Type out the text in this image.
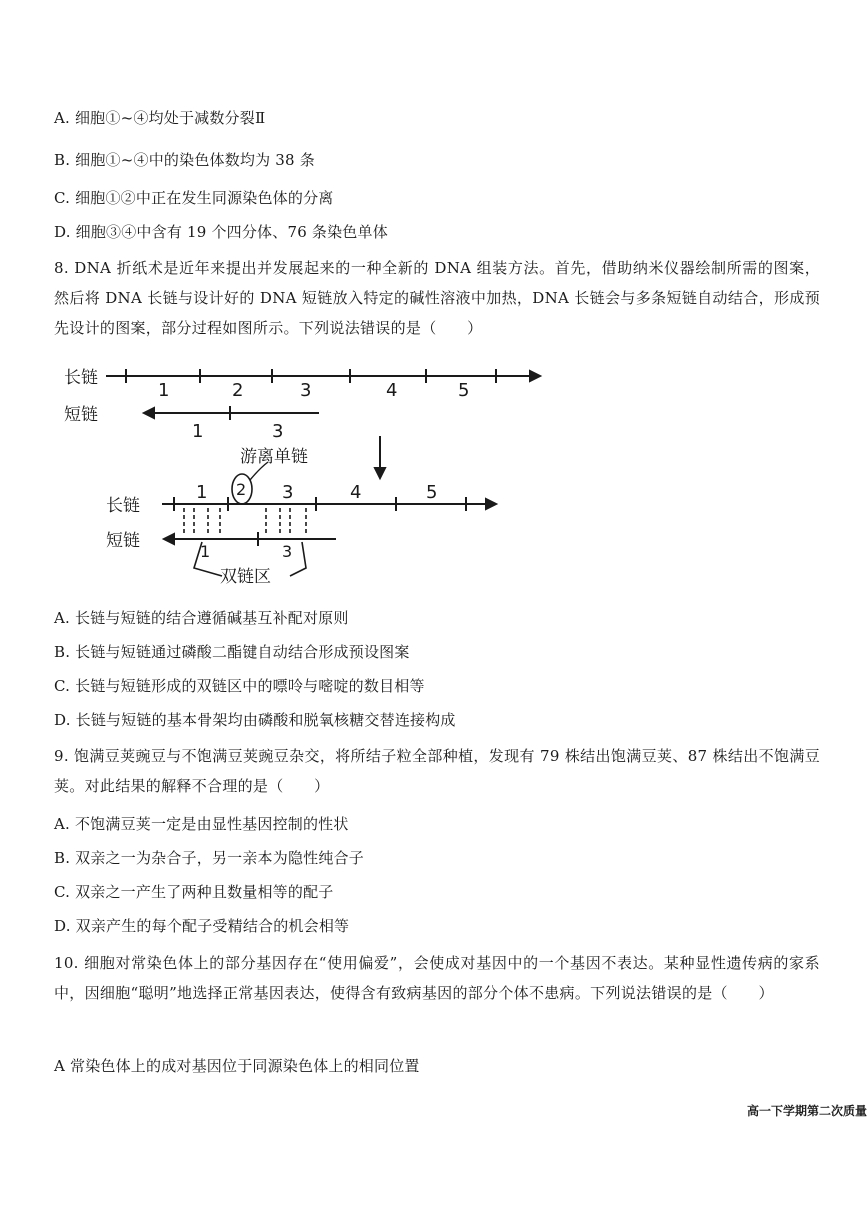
A. 细胞①~④均处于减数分裂Ⅱ

B. 细胞①~④中的染色体数均为 38 条

C. 细胞①②中正在发生同源染色体的分离

D. 细胞③④中含有 19 个四分体、76 条染色单体

8. DNA 折纸术是近年来提出并发展起来的一种全新的 DNA 组装方法。首先，借助纳米仪器绘制所需的图案，然后将 DNA 长链与设计好的 DNA 短链放入特定的碱性溶液中加热，DNA 长链会与多条短链自动结合，形成预先设计的图案，部分过程如图所示。下列说法错误的是（　　）

长链
短链
1	2	3	4	5
1	3
游离单链
长链
短链
1 2 3	4	5
1	3
双链区

A. 长链与短链的结合遵循碱基互补配对原则

B. 长链与短链通过磷酸二酯键自动结合形成预设图案

C. 长链与短链形成的双链区中的嘌呤与嘧啶的数目相等

D. 长链与短链的基本骨架均由磷酸和脱氧核糖交替连接构成

9. 饱满豆荚豌豆与不饱满豆荚豌豆杂交，将所结子粒全部种植，发现有 79 株结出饱满豆荚、87 株结出不饱满豆荚。对此结果的解释不合理的是（　　）

A. 不饱满豆荚一定是由显性基因控制的性状

B. 双亲之一为杂合子，另一亲本为隐性纯合子

C. 双亲之一产生了两种且数量相等的配子

D. 双亲产生的每个配子受精结合的机会相等

10. 细胞对常染色体上的部分基因存在“使用偏爱”，会使成对基因中的一个基因不表达。某种显性遗传病的家系中，因细胞“聪明”地选择正常基因表达，使得含有致病基因的部分个体不患病。下列说法错误的是（　　）

A 常染色体上的成对基因位于同源染色体上的相同位置

高一下学期第二次质量
